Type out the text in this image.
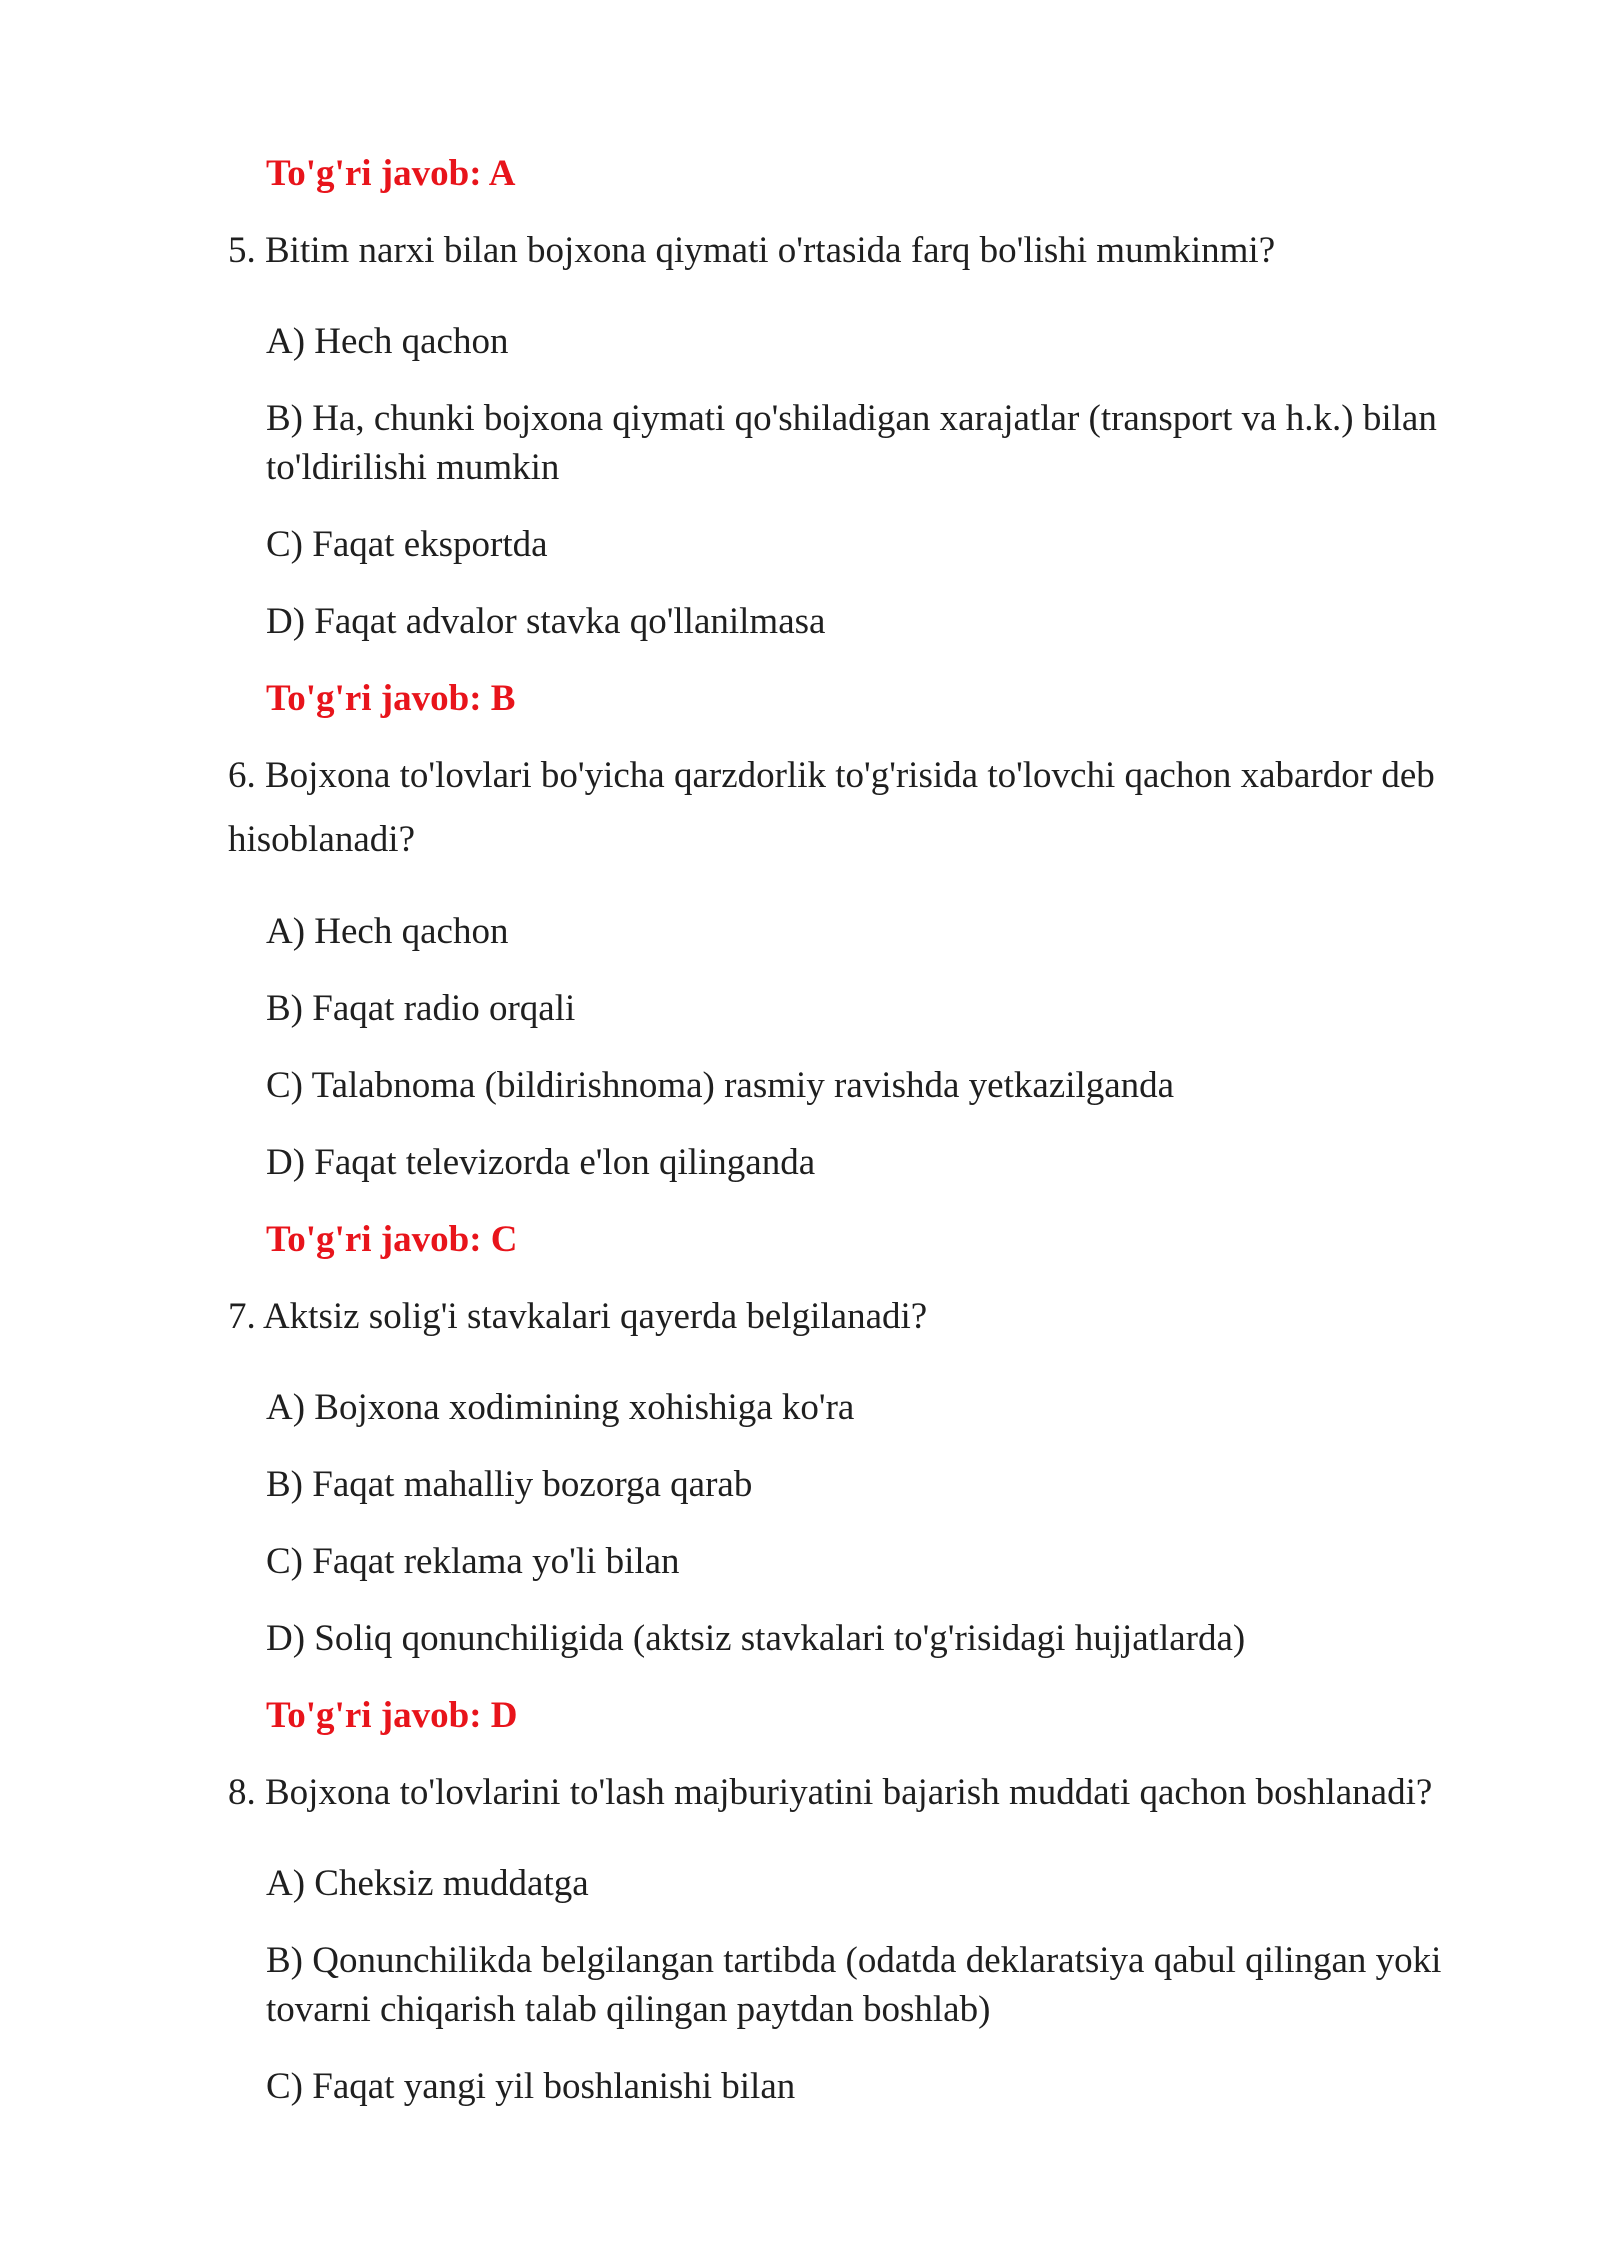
To'g'ri javob: A
5. Bitim narxi bilan bojxona qiymati o'rtasida farq bo'lishi mumkinmi?
A) Hech qachon
B) Ha, chunki bojxona qiymati qo'shiladigan xarajatlar (transport va h.k.) bilan
to'ldirilishi mumkin
C) Faqat eksportda
D) Faqat advalor stavka qo'llanilmasa
To'g'ri javob: B
6. Bojxona to'lovlari bo'yicha qarzdorlik to'g'risida to'lovchi qachon xabardor deb
hisoblanadi?
A) Hech qachon
B) Faqat radio orqali
C) Talabnoma (bildirishnoma) rasmiy ravishda yetkazilganda
D) Faqat televizorda e'lon qilinganda
To'g'ri javob: C
7. Aktsiz solig'i stavkalari qayerda belgilanadi?
A) Bojxona xodimining xohishiga ko'ra
B) Faqat mahalliy bozorga qarab
C) Faqat reklama yo'li bilan
D) Soliq qonunchiligida (aktsiz stavkalari to'g'risidagi hujjatlarda)
To'g'ri javob: D
8. Bojxona to'lovlarini to'lash majburiyatini bajarish muddati qachon boshlanadi?
A) Cheksiz muddatga
B) Qonunchilikda belgilangan tartibda (odatda deklaratsiya qabul qilingan yoki
tovarni chiqarish talab qilingan paytdan boshlab)
C) Faqat yangi yil boshlanishi bilan
